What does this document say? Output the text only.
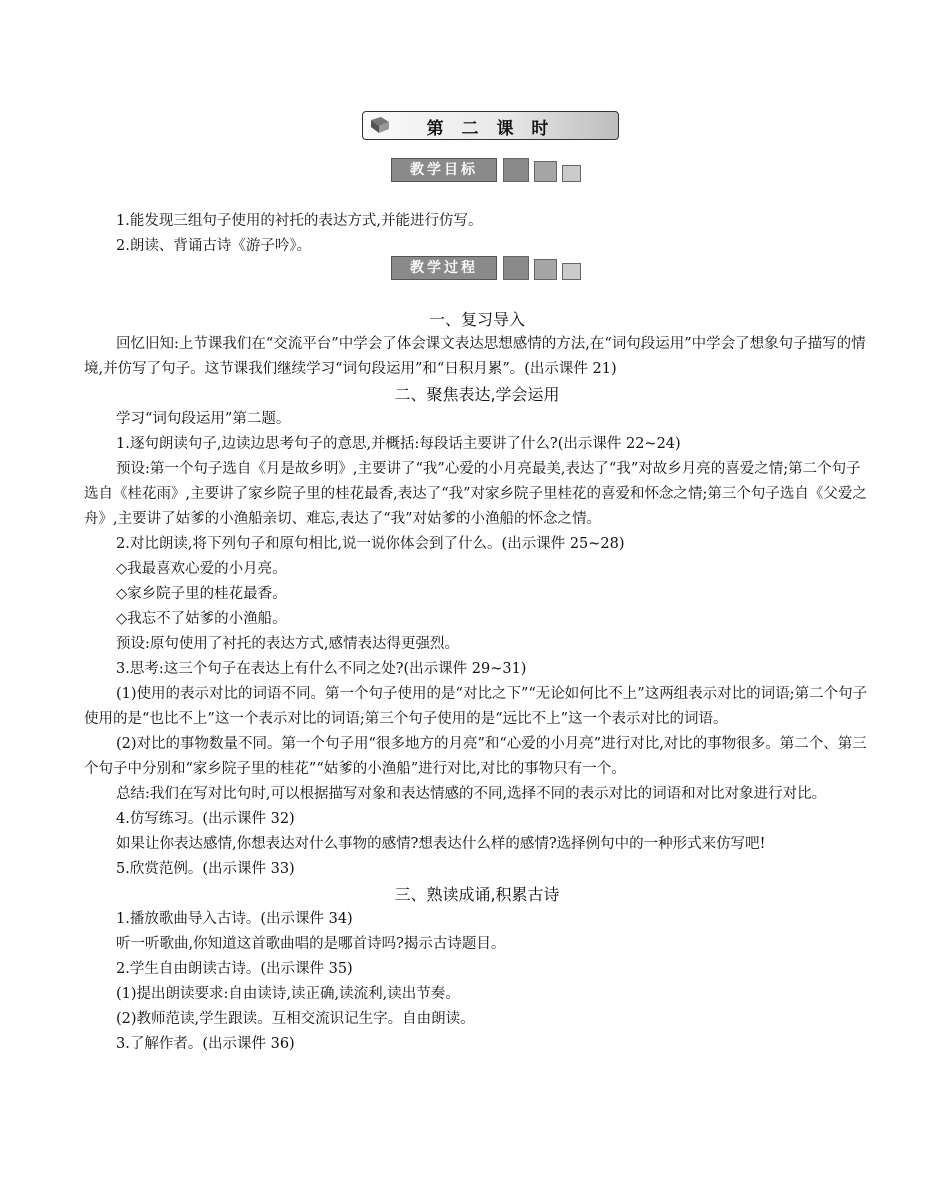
第 二 课 时
教学目标

1.能发现三组句子使用的衬托的表达方式,并能进行仿写。

2.朗读、背诵古诗《游子吟》。

教学过程

一、复习导入

回忆旧知:上节课我们在“交流平台”中学会了体会课文表达思想感情的方法,在“词句段运用”中学会了想象句子描写的情境,并仿写了句子。这节课我们继续学习“词句段运用”和“日积月累”。(出示课件 21)

二、聚焦表达,学会运用

学习“词句段运用”第二题。

1.逐句朗读句子,边读边思考句子的意思,并概括:每段话主要讲了什么?(出示课件 22~24)

预设:第一个句子选自《月是故乡明》,主要讲了“我”心爱的小月亮最美,表达了“我”对故乡月亮的喜爱之情;第二个句子选自《桂花雨》,主要讲了家乡院子里的桂花最香,表达了“我”对家乡院子里桂花的喜爱和怀念之情;第三个句子选自《父爱之舟》,主要讲了姑爹的小渔船亲切、难忘,表达了“我”对姑爹的小渔船的怀念之情。

2.对比朗读,将下列句子和原句相比,说一说你体会到了什么。(出示课件 25~28)

◇我最喜欢心爱的小月亮。

◇家乡院子里的桂花最香。

◇我忘不了姑爹的小渔船。

预设:原句使用了衬托的表达方式,感情表达得更强烈。

3.思考:这三个句子在表达上有什么不同之处?(出示课件 29~31)

(1)使用的表示对比的词语不同。第一个句子使用的是“对比之下”“无论如何比不上”这两组表示对比的词语;第二个句子使用的是“也比不上”这一个表示对比的词语;第三个句子使用的是“远比不上”这一个表示对比的词语。

(2)对比的事物数量不同。第一个句子用“很多地方的月亮”和“心爱的小月亮”进行对比,对比的事物很多。第二个、第三个句子中分别和“家乡院子里的桂花”“姑爹的小渔船”进行对比,对比的事物只有一个。

总结:我们在写对比句时,可以根据描写对象和表达情感的不同,选择不同的表示对比的词语和对比对象进行对比。

4.仿写练习。(出示课件 32)

如果让你表达感情,你想表达对什么事物的感情?想表达什么样的感情?选择例句中的一种形式来仿写吧!

5.欣赏范例。(出示课件 33)

三、熟读成诵,积累古诗

1.播放歌曲导入古诗。(出示课件 34)

听一听歌曲,你知道这首歌曲唱的是哪首诗吗?揭示古诗题目。

2.学生自由朗读古诗。(出示课件 35)

(1)提出朗读要求:自由读诗,读正确,读流利,读出节奏。

(2)教师范读,学生跟读。互相交流识记生字。自由朗读。

3.了解作者。(出示课件 36)
